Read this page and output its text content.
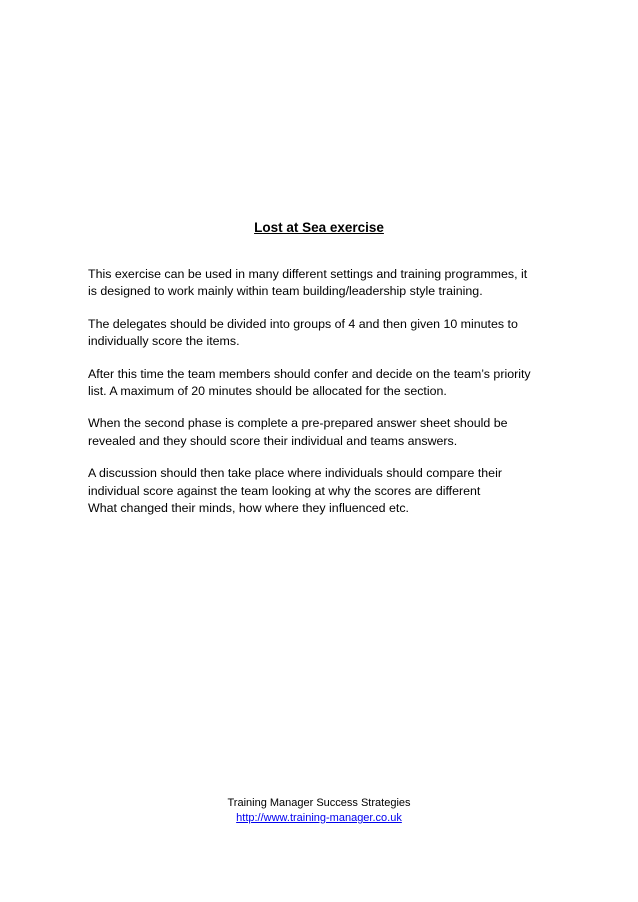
Lost at Sea exercise

This exercise can be used in many different settings and training programmes, it
is designed to work mainly within team building/leadership style training.

The delegates should be divided into groups of 4 and then given 10 minutes to
individually score the items.

After this time the team members should confer and decide on the team’s priority
list. A maximum of 20 minutes should be allocated for the section.

When the second phase is complete a pre-prepared answer sheet should be
revealed and they should score their individual and teams answers.

A discussion should then take place where individuals should compare their
individual score against the team looking at why the scores are different
What changed their minds, how where they influenced etc.

Training Manager Success Strategies
http://www.training-manager.co.uk
